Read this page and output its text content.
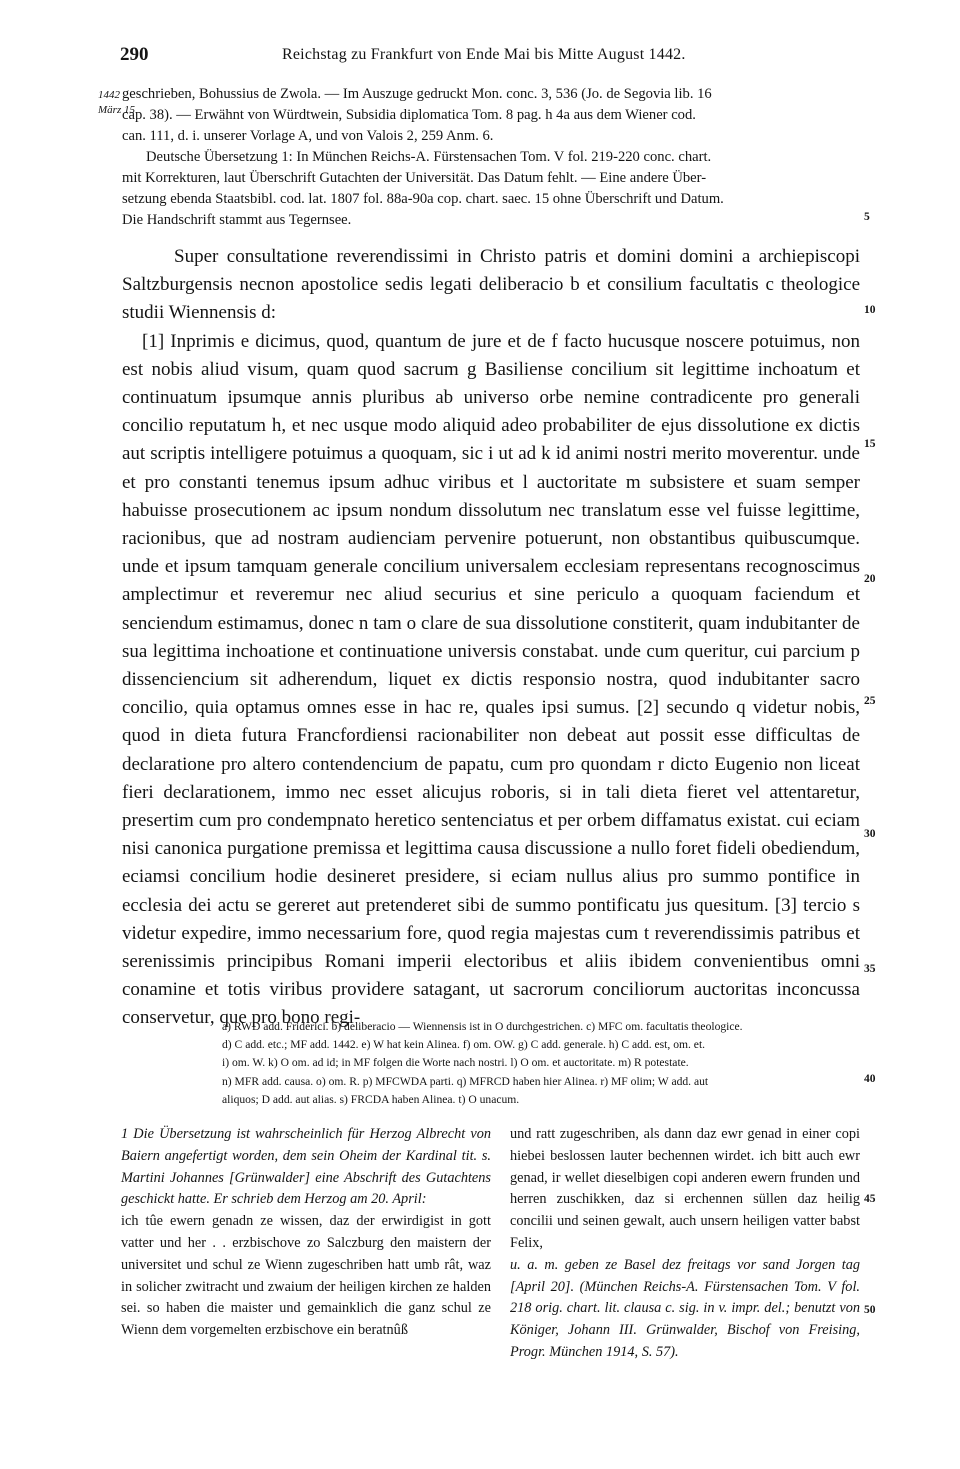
290	Reichstag zu Frankfurt von Ende Mai bis Mitte August 1442.
1442
März 15

geschrieben, Bohussius de Zwola. — Im Auszuge gedruckt Mon. conc. 3, 536 (Jo. de Segovia lib. 16

cap. 38). — Erwähnt von Würdtwein, Subsidia diplomatica Tom. 8 pag. h 4a aus dem Wiener cod.

can. 111, d. i. unserer Vorlage A, und von Valois 2, 259 Anm. 6.

Deutsche Übersetzung 1: In München Reichs-A. Fürstensachen Tom. V fol. 219-220 conc. chart.

mit Korrekturen, laut Überschrift Gutachten der Universität. Das Datum fehlt. — Eine andere Über-

setzung ebenda Staatsbibl. cod. lat. 1807 fol. 88a-90a cop. chart. saec. 15 ohne Überschrift und Datum.

Die Handschrift stammt aus Tegernsee.

Super consultatione reverendissimi in Christo patris et domini domini a archiepiscopi Saltzburgensis necnon apostolice sedis legati deliberacio b et consilium facultatis c theologice studii Wiennensis d:

[1] Inprimis e dicimus, quod, quantum de jure et de f facto hucusque noscere potuimus, non est nobis aliud visum, quam quod sacrum g Basiliense concilium sit legittime inchoatum et continuatum ipsumque annis pluribus ab universo orbe nemine contradicente pro generali concilio reputatum h, et nec usque modo aliquid adeo probabiliter de ejus dissolutione ex dictis aut scriptis intelligere potuimus a quoquam, sic i ut ad k id animi nostri merito moverentur. unde et pro constanti tenemus ipsum adhuc viribus et l auctoritate m subsistere et suam semper habuisse prosecutionem ac ipsum nondum dissolutum nec translatum esse vel fuisse legittime, racionibus, que ad nostram audienciam pervenire potuerunt, non obstantibus quibuscumque. unde et ipsum tamquam generale concilium universalem ecclesiam representans recognoscimus amplectimur et reveremur nec aliud securius et sine periculo a quoquam faciendum et senciendum estimamus, donec n tam o clare de sua dissolutione constiterit, quam indubitanter de sua legittima inchoatione et continuatione universis constabat. unde cum queritur, cui parcium p dissenciencium sit adherendum, liquet ex dictis responsio nostra, quod indubitanter sacro concilio, quia optamus omnes esse in hac re, quales ipsi sumus. [2] secundo q videtur nobis, quod in dieta futura Francfordiensi racionabiliter non debeat aut possit esse difficultas de declaratione pro altero contendencium de papatu, cum pro quondam r dicto Eugenio non liceat fieri declarationem, immo nec esset alicujus roboris, si in tali dieta fieret vel attentaretur, presertim cum pro condempnato heretico sentenciatus et per orbem diffamatus existat. cui eciam nisi canonica purgatione premissa et legittima causa discussione a nullo foret fideli obediendum, eciamsi concilium hodie desineret presidere, si eciam nullus alius pro summo pontifice in ecclesia dei actu se gereret aut pretenderet sibi de summo pontificatu jus quesitum. [3] tercio s videtur expedire, immo necessarium fore, quod regia majestas cum t reverendissimis patribus et serenissimis principibus Romani imperii electoribus et aliis ibidem convenientibus omni conamine et totis viribus providere satagant, ut sacrorum conciliorum auctoritas inconcussa conservetur, que pro bono regi-

5
10
15
20
25
30
35
40
45
50

a) RWD add. Friderici. b) deliberacio — Wiennensis ist in O durchgestrichen. c) MFC om. facultatis theologice.

d) C add. etc.; MF add. 1442. e) W hat kein Alinea. f) om. OW. g) C add. generale. h) C add. est, om. et.

i) om. W. k) O om. ad id; in MF folgen die Worte nach nostri. l) O om. et auctoritate. m) R potestate.

n) MFR add. causa. o) om. R. p) MFCWDA parti. q) MFRCD haben hier Alinea. r) MF olim; W add. aut

aliquos; D add. aut alias. s) FRCDA haben Alinea. t) O unacum.

1 Die Übersetzung ist wahrscheinlich für Herzog Albrecht von Baiern angefertigt worden, dem sein Oheim der Kardinal tit. s. Martini Johannes [Grünwalder] eine Abschrift des Gutachtens geschickt hatte. Er schrieb dem Herzog am 20. April:

ich tûe ewern genadn ze wissen, daz der erwirdigist in gott vatter und her . . erzbischove zo Salczburg den maistern der universitet und schul ze Wienn zugeschriben hatt umb rât, waz in solicher zwitracht und zwaium der heiligen kirchen ze halden sei. so haben die maister und gemainklich die ganz schul ze Wienn dem vorgemelten erzbischove ein beratnûß

und ratt zugeschriben, als dann daz ewr genad in einer copi hiebei beslossen lauter bechennen wirdet. ich bitt auch ewr genad, ir wellet dieselbigen copi anderen ewern frunden und herren zuschikken, daz si erchennen süllen daz heilig concilii und seinen gewalt, auch unsern heiligen vatter babst Felix,

u. a. m. geben ze Basel dez freitags vor sand Jorgen tag [April 20]. (München Reichs-A. Fürstensachen Tom. V fol. 218 orig. chart. lit. clausa c. sig. in v. impr. del.; benutzt von Königer, Johann III. Grünwalder, Bischof von Freising, Progr. München 1914, S. 57).
